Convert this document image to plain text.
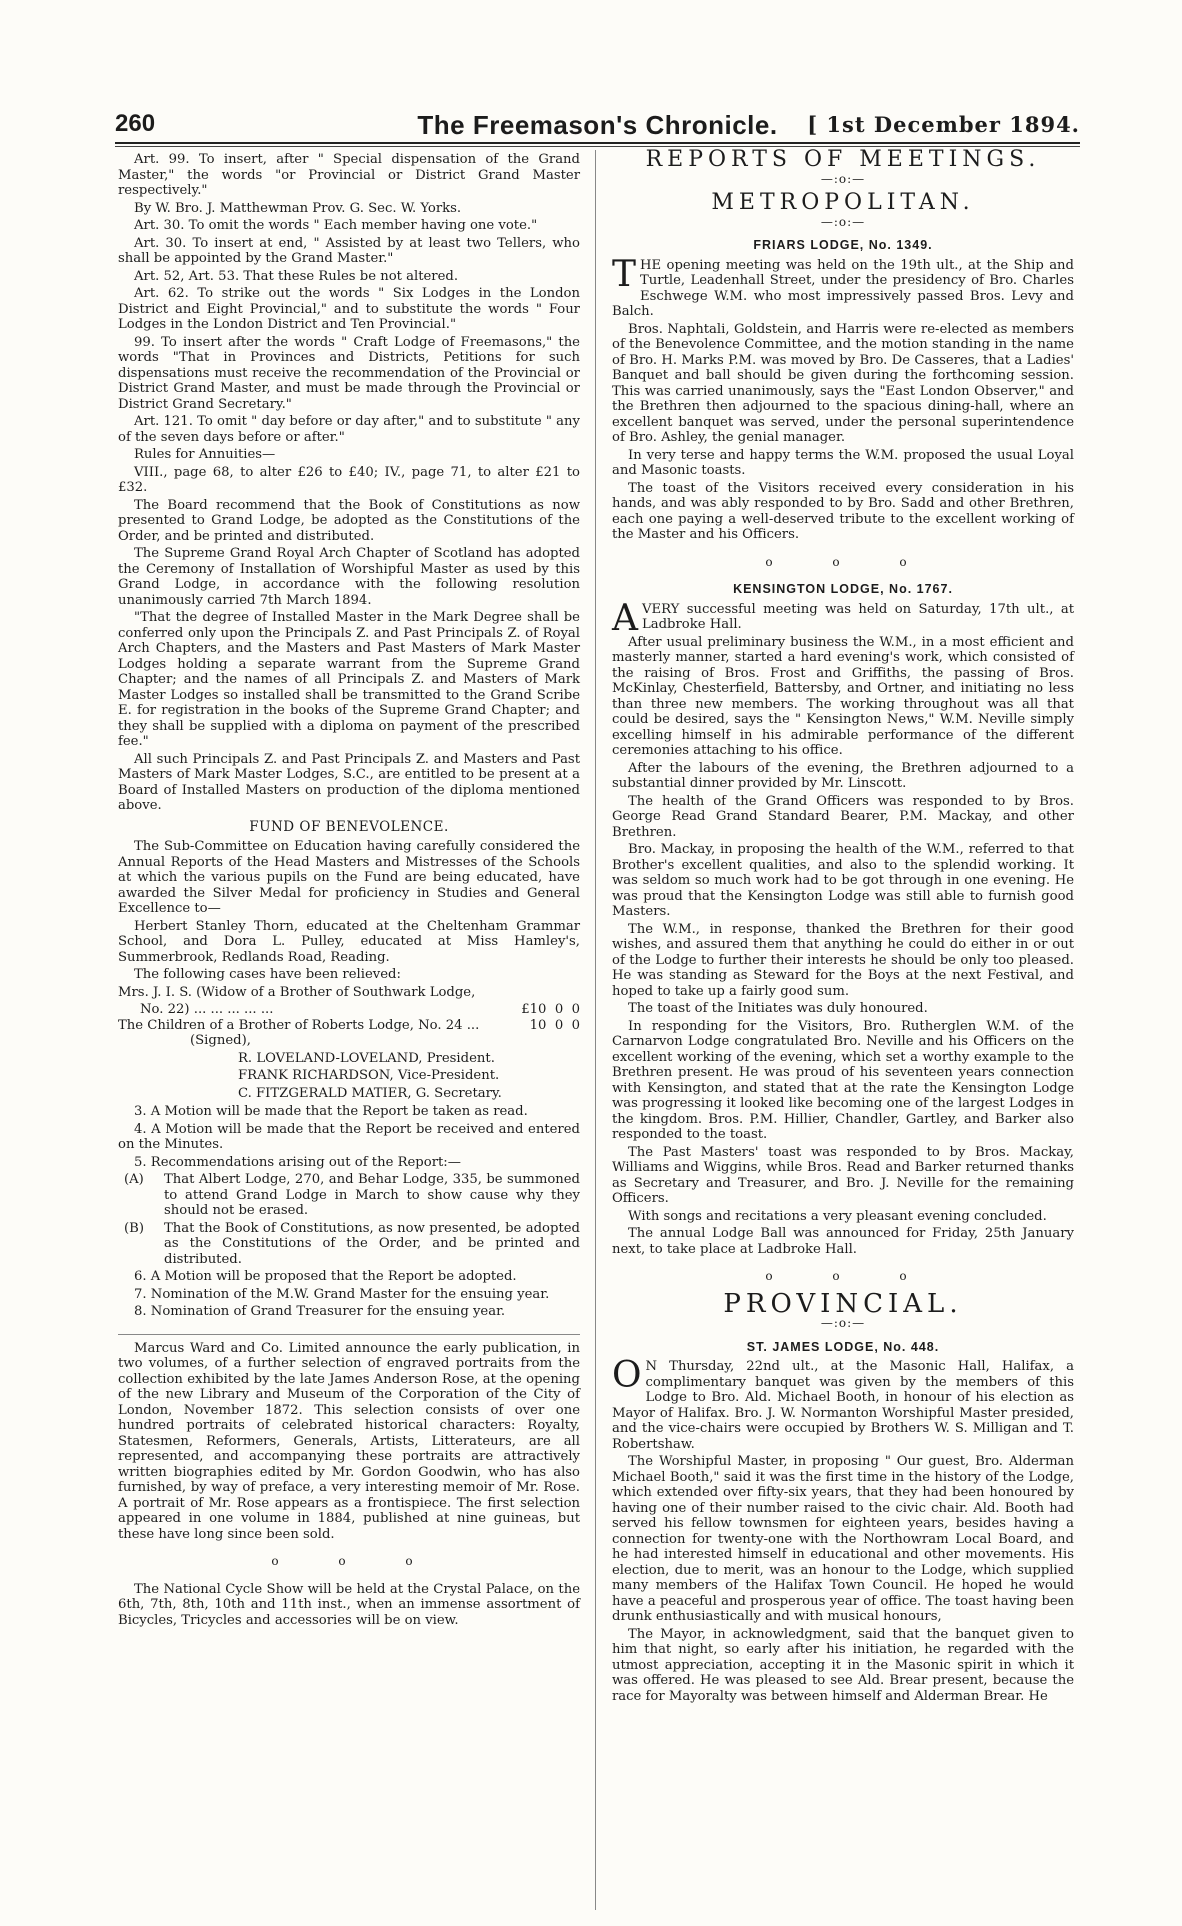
260	The Freemason's Chronicle.	[ 1st December 1894.

Art. 99. To insert, after " Special dispensation of the Grand Master," the words "or Provincial or District Grand Master respectively."

By W. Bro. J. Matthewman Prov. G. Sec. W. Yorks.

Art. 30. To omit the words " Each member having one vote."

Art. 30. To insert at end, " Assisted by at least two Tellers, who shall be appointed by the Grand Master."

Art. 52, Art. 53. That these Rules be not altered.

Art. 62. To strike out the words " Six Lodges in the London District and Eight Provincial," and to substitute the words " Four Lodges in the London District and Ten Provincial."

99. To insert after the words " Craft Lodge of Freemasons," the words "That in Provinces and Districts, Petitions for such dispensations must receive the recommendation of the Provincial or District Grand Master, and must be made through the Provincial or District Grand Secretary."

Art. 121. To omit " day before or day after," and to substitute " any of the seven days before or after."

Rules for Annuities—

VIII., page 68, to alter £26 to £40; IV., page 71, to alter £21 to £32.

The Board recommend that the Book of Constitutions as now presented to Grand Lodge, be adopted as the Constitutions of the Order, and be printed and distributed.

The Supreme Grand Royal Arch Chapter of Scotland has adopted the Ceremony of Installation of Worshipful Master as used by this Grand Lodge, in accordance with the following resolution unanimously carried 7th March 1894.

"That the degree of Installed Master in the Mark Degree shall be conferred only upon the Principals Z. and Past Principals Z. of Royal Arch Chapters, and the Masters and Past Masters of Mark Master Lodges holding a separate warrant from the Supreme Grand Chapter; and the names of all Principals Z. and Masters of Mark Master Lodges so installed shall be transmitted to the Grand Scribe E. for registration in the books of the Supreme Grand Chapter; and they shall be supplied with a diploma on payment of the prescribed fee."

All such Principals Z. and Past Principals Z. and Masters and Past Masters of Mark Master Lodges, S.C., are entitled to be present at a Board of Installed Masters on production of the diploma mentioned above.

FUND OF BENEVOLENCE.

The Sub-Committee on Education having carefully considered the Annual Reports of the Head Masters and Mistresses of the Schools at which the various pupils on the Fund are being educated, have awarded the Silver Medal for proficiency in Studies and General Excellence to—

Herbert Stanley Thorn, educated at the Cheltenham Grammar School, and Dora L. Pulley, educated at Miss Hamley's, Summerbrook, Redlands Road, Reading.

The following cases have been relieved:

Mrs. J. I. S. (Widow of a Brother of Southwark Lodge,

No. 22) ... ... ... ... ...	£10  0  0
The Children of a Brother of Roberts Lodge, No. 24 ...	10  0  0

(Signed),

R. LOVELAND-LOVELAND, President.

FRANK RICHARDSON, Vice-President.

C. FITZGERALD MATIER, G. Secretary.

3. A Motion will be made that the Report be taken as read.

4. A Motion will be made that the Report be received and entered on the Minutes.

5. Recommendations arising out of the Report:—

(A) That Albert Lodge, 270, and Behar Lodge, 335, be summoned to attend Grand Lodge in March to show cause why they should not be erased.

(B) That the Book of Constitutions, as now presented, be adopted as the Constitutions of the Order, and be printed and distributed.

6. A Motion will be proposed that the Report be adopted.

7. Nomination of the M.W. Grand Master for the ensuing year.

8. Nomination of Grand Treasurer for the ensuing year.

Marcus Ward and Co. Limited announce the early publication, in two volumes, of a further selection of engraved portraits from the collection exhibited by the late James Anderson Rose, at the opening of the new Library and Museum of the Corporation of the City of London, November 1872. This selection consists of over one hundred portraits of celebrated historical characters: Royalty, Statesmen, Reformers, Generals, Artists, Litterateurs, are all represented, and accompanying these portraits are attractively written biographies edited by Mr. Gordon Goodwin, who has also furnished, by way of preface, a very interesting memoir of Mr. Rose. A portrait of Mr. Rose appears as a frontispiece. The first selection appeared in one volume in 1884, published at nine guineas, but these have long since been sold.

o o o

The National Cycle Show will be held at the Crystal Palace, on the 6th, 7th, 8th, 10th and 11th inst., when an immense assortment of Bicycles, Tricycles and accessories will be on view.

REPORTS OF MEETINGS.
—:o:—
METROPOLITAN.
—:o:—
FRIARS LODGE, No. 1349.

THE opening meeting was held on the 19th ult., at the Ship and Turtle, Leadenhall Street, under the presidency of Bro. Charles Eschwege W.M. who most impressively passed Bros. Levy and Balch.

Bros. Naphtali, Goldstein, and Harris were re-elected as members of the Benevolence Committee, and the motion standing in the name of Bro. H. Marks P.M. was moved by Bro. De Casseres, that a Ladies' Banquet and ball should be given during the forthcoming session. This was carried unanimously, says the "East London Observer," and the Brethren then adjourned to the spacious dining-hall, where an excellent banquet was served, under the personal superintendence of Bro. Ashley, the genial manager.

In very terse and happy terms the W.M. proposed the usual Loyal and Masonic toasts.

The toast of the Visitors received every consideration in his hands, and was ably responded to by Bro. Sadd and other Brethren, each one paying a well-deserved tribute to the excellent working of the Master and his Officers.

o o o
KENSINGTON LODGE, No. 1767.

AVERY successful meeting was held on Saturday, 17th ult., at Ladbroke Hall.

After usual preliminary business the W.M., in a most efficient and masterly manner, started a hard evening's work, which consisted of the raising of Bros. Frost and Griffiths, the passing of Bros. McKinlay, Chesterfield, Battersby, and Ortner, and initiating no less than three new members. The working throughout was all that could be desired, says the " Kensington News," W.M. Neville simply excelling himself in his admirable performance of the different ceremonies attaching to his office.

After the labours of the evening, the Brethren adjourned to a substantial dinner provided by Mr. Linscott.

The health of the Grand Officers was responded to by Bros. George Read Grand Standard Bearer, P.M. Mackay, and other Brethren.

Bro. Mackay, in proposing the health of the W.M., referred to that Brother's excellent qualities, and also to the splendid working. It was seldom so much work had to be got through in one evening. He was proud that the Kensington Lodge was still able to furnish good Masters.

The W.M., in response, thanked the Brethren for their good wishes, and assured them that anything he could do either in or out of the Lodge to further their interests he should be only too pleased. He was standing as Steward for the Boys at the next Festival, and hoped to take up a fairly good sum.

The toast of the Initiates was duly honoured.

In responding for the Visitors, Bro. Rutherglen W.M. of the Carnarvon Lodge congratulated Bro. Neville and his Officers on the excellent working of the evening, which set a worthy example to the Brethren present. He was proud of his seventeen years connection with Kensington, and stated that at the rate the Kensington Lodge was progressing it looked like becoming one of the largest Lodges in the kingdom. Bros. P.M. Hillier, Chandler, Gartley, and Barker also responded to the toast.

The Past Masters' toast was responded to by Bros. Mackay, Williams and Wiggins, while Bros. Read and Barker returned thanks as Secretary and Treasurer, and Bro. J. Neville for the remaining Officers.

With songs and recitations a very pleasant evening concluded.

The annual Lodge Ball was announced for Friday, 25th January next, to take place at Ladbroke Hall.

o o o
PROVINCIAL.
—:o:—
ST. JAMES LODGE, No. 448.

O N Thursday, 22nd ult., at the Masonic Hall, Halifax, a complimentary banquet was given by the members of this Lodge to Bro. Ald. Michael Booth, in honour of his election as Mayor of Halifax. Bro. J. W. Normanton Worshipful Master presided, and the vice-chairs were occupied by Brothers W. S. Milligan and T. Robertshaw.

The Worshipful Master, in proposing " Our guest, Bro. Alderman Michael Booth," said it was the first time in the history of the Lodge, which extended over fifty-six years, that they had been honoured by having one of their number raised to the civic chair. Ald. Booth had served his fellow townsmen for eighteen years, besides having a connection for twenty-one with the Northowram Local Board, and he had interested himself in educational and other movements. His election, due to merit, was an honour to the Lodge, which supplied many members of the Halifax Town Council. He hoped he would have a peaceful and prosperous year of office. The toast having been drunk enthusiastically and with musical honours,

The Mayor, in acknowledgment, said that the banquet given to him that night, so early after his initiation, he regarded with the utmost appreciation, accepting it in the Masonic spirit in which it was offered. He was pleased to see Ald. Brear present, because the race for Mayoralty was between himself and Alderman Brear. He
